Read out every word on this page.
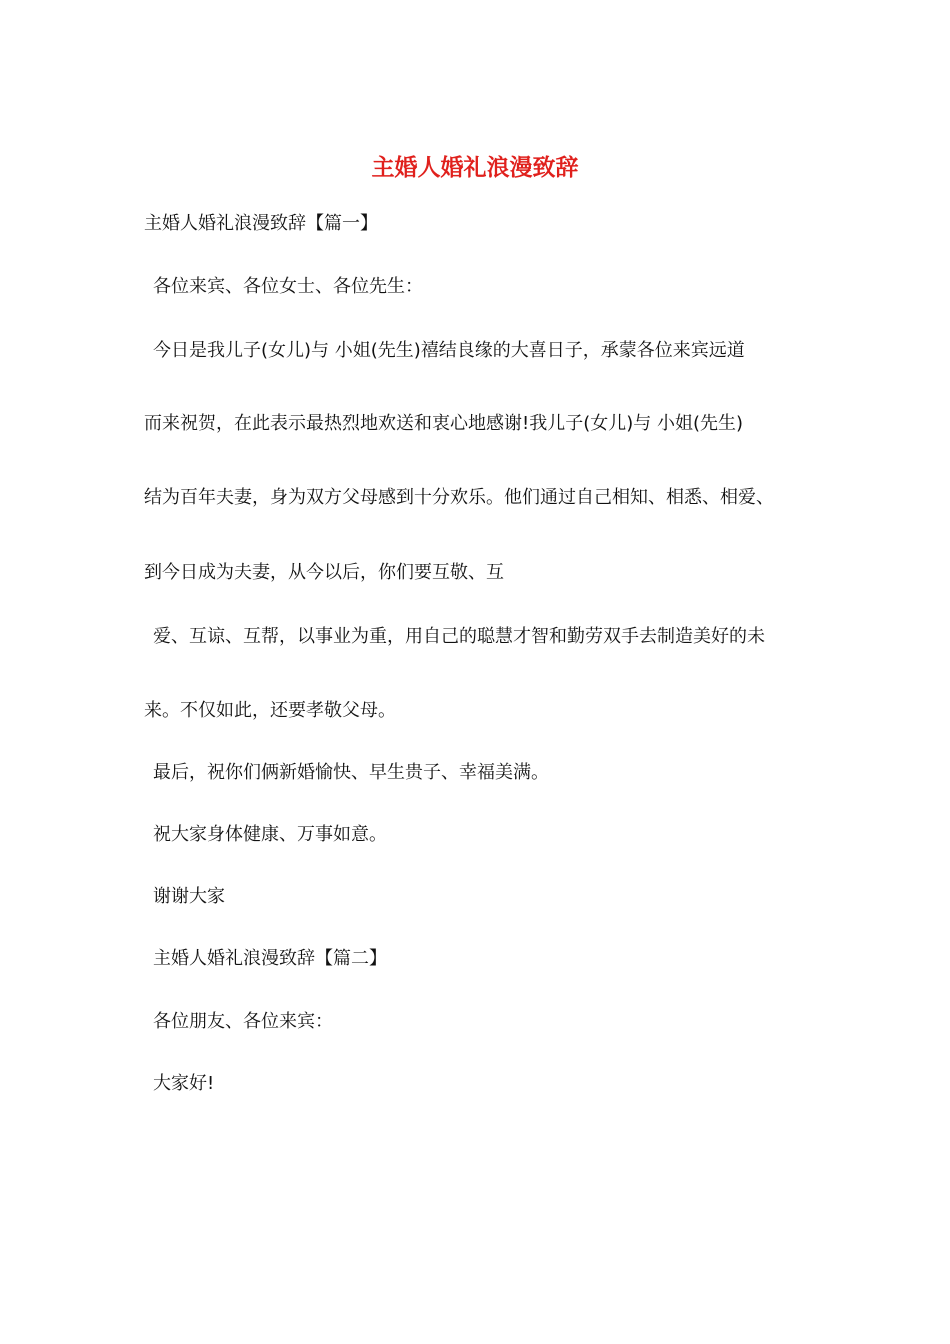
主婚人婚礼浪漫致辞
主婚人婚礼浪漫致辞【篇一】
各位来宾、各位女士、各位先生：
今日是我儿子(女儿)与 小姐(先生)禧结良缘的大喜日子，承蒙各位来宾远道
而来祝贺，在此表示最热烈地欢送和衷心地感谢!我儿子(女儿)与 小姐(先生)
结为百年夫妻，身为双方父母感到十分欢乐。他们通过自己相知、相悉、相爱、
到今日成为夫妻，从今以后，你们要互敬、互
爱、互谅、互帮，以事业为重，用自己的聪慧才智和勤劳双手去制造美好的未
来。不仅如此，还要孝敬父母。
最后，祝你们俩新婚愉快、早生贵子、幸福美满。
祝大家身体健康、万事如意。
谢谢大家
主婚人婚礼浪漫致辞【篇二】
各位朋友、各位来宾：
大家好!
